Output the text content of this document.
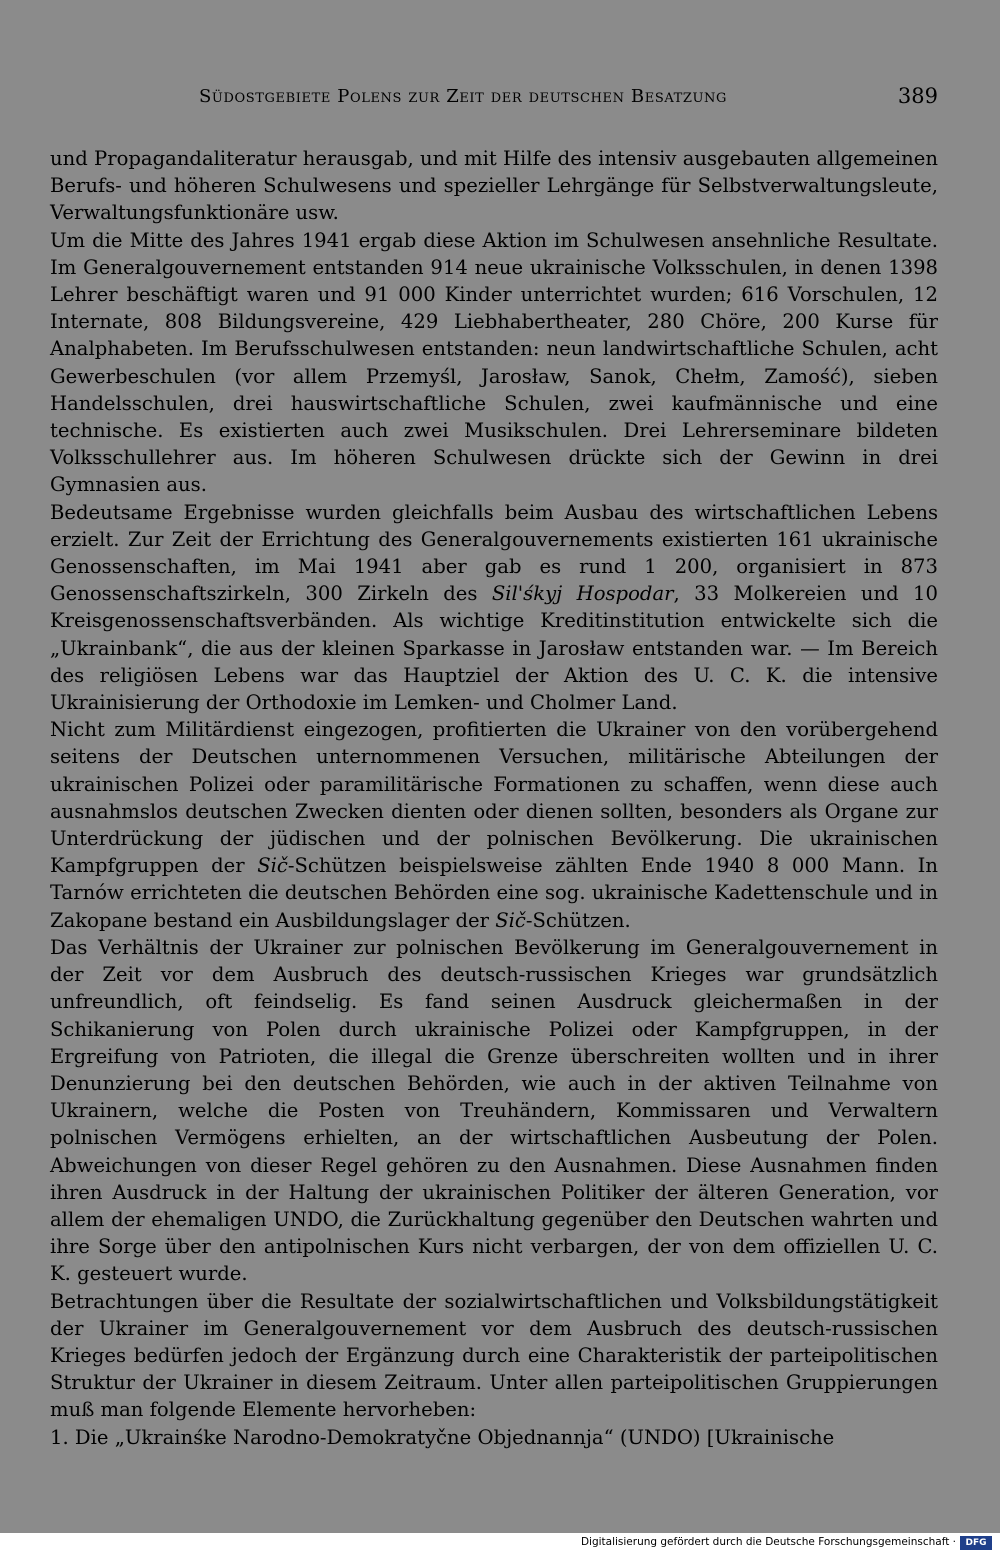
Südostgebiete Polens zur Zeit der deutschen Besatzung	389

und Propagandaliteratur herausgab, und mit Hilfe des intensiv ausgebauten allgemeinen Berufs- und höheren Schulwesens und spezieller Lehrgänge für Selbstverwaltungsleute, Verwaltungsfunktionäre usw.

Um die Mitte des Jahres 1941 ergab diese Aktion im Schulwesen ansehnliche Resultate. Im Generalgouvernement entstanden 914 neue ukrainische Volksschulen, in denen 1398 Lehrer beschäftigt waren und 91 000 Kinder unterrichtet wurden; 616 Vorschulen, 12 Internate, 808 Bildungsvereine, 429 Liebhabertheater, 280 Chöre, 200 Kurse für Analphabeten. Im Berufsschulwesen entstanden: neun landwirtschaftliche Schulen, acht Gewerbeschulen (vor allem Przemyśl, Jarosław, Sanok, Chełm, Zamość), sieben Handelsschulen, drei hauswirtschaftliche Schulen, zwei kaufmännische und eine technische. Es existierten auch zwei Musikschulen. Drei Lehrerseminare bildeten Volksschullehrer aus. Im höheren Schulwesen drückte sich der Gewinn in drei Gymnasien aus.

Bedeutsame Ergebnisse wurden gleichfalls beim Ausbau des wirtschaftlichen Lebens erzielt. Zur Zeit der Errichtung des Generalgouvernements existierten 161 ukrainische Genossenschaften, im Mai 1941 aber gab es rund 1 200, organisiert in 873 Genossenschaftszirkeln, 300 Zirkeln des Sil'śkyj Hospodar, 33 Molkereien und 10 Kreisgenossenschaftsverbänden. Als wichtige Kreditinstitution entwickelte sich die „Ukrainbank“, die aus der kleinen Sparkasse in Jarosław entstanden war. — Im Bereich des religiösen Lebens war das Hauptziel der Aktion des U. C. K. die intensive Ukrainisierung der Orthodoxie im Lemken- und Cholmer Land.

Nicht zum Militärdienst eingezogen, profitierten die Ukrainer von den vorübergehend seitens der Deutschen unternommenen Versuchen, militärische Abteilungen der ukrainischen Polizei oder paramilitärische Formationen zu schaffen, wenn diese auch ausnahmslos deutschen Zwecken dienten oder dienen sollten, besonders als Organe zur Unterdrückung der jüdischen und der polnischen Bevölkerung. Die ukrainischen Kampfgruppen der Sič-Schützen beispielsweise zählten Ende 1940 8 000 Mann. In Tarnów errichteten die deutschen Behörden eine sog. ukrainische Kadettenschule und in Zakopane bestand ein Ausbildungslager der Sič-Schützen.

Das Verhältnis der Ukrainer zur polnischen Bevölkerung im Generalgouvernement in der Zeit vor dem Ausbruch des deutsch-russischen Krieges war grundsätzlich unfreundlich, oft feindselig. Es fand seinen Ausdruck gleichermaßen in der Schikanierung von Polen durch ukrainische Polizei oder Kampfgruppen, in der Ergreifung von Patrioten, die illegal die Grenze überschreiten wollten und in ihrer Denunzierung bei den deutschen Behörden, wie auch in der aktiven Teilnahme von Ukrainern, welche die Posten von Treuhändern, Kommissaren und Verwaltern polnischen Vermögens erhielten, an der wirtschaftlichen Ausbeutung der Polen. Abweichungen von dieser Regel gehören zu den Ausnahmen. Diese Ausnahmen finden ihren Ausdruck in der Haltung der ukrainischen Politiker der älteren Generation, vor allem der ehemaligen UNDO, die Zurückhaltung gegenüber den Deutschen wahrten und ihre Sorge über den antipolnischen Kurs nicht verbargen, der von dem offiziellen U. C. K. gesteuert wurde.

Betrachtungen über die Resultate der sozialwirtschaftlichen und Volksbildungstätigkeit der Ukrainer im Generalgouvernement vor dem Ausbruch des deutsch-russischen Krieges bedürfen jedoch der Ergänzung durch eine Charakteristik der parteipolitischen Struktur der Ukrainer in diesem Zeitraum. Unter allen parteipolitischen Gruppierungen muß man folgende Elemente hervorheben:

1. Die „Ukrainśke Narodno-Demokratyčne Objednannja“ (UNDO) [Ukrainische

Digitalisierung gefördert durch die Deutsche Forschungsgemeinschaft ·	DFG
